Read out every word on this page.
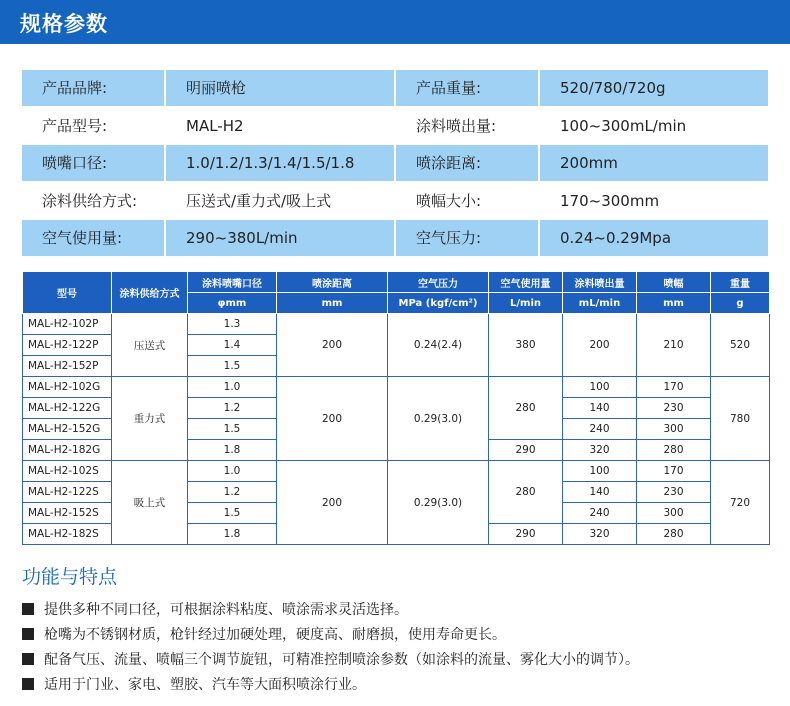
规格参数
产品品牌:	明丽喷枪	产品重量:	520/780/720g
产品型号:	MAL-H2	涂料喷出量:	100~300mL/min
喷嘴口径:	1.0/1.2/1.3/1.4/1.5/1.8	喷涂距离:	200mm
涂料供给方式:	压送式/重力式/吸上式	喷幅大小:	170~300mm
空气使用量:	290~380L/min	空气压力:	0.24~0.29Mpa
型号	涂料供给方式	涂料喷嘴口径	喷涂距离	空气压力	空气使用量	涂料喷出量	喷幅	重量
		φmm	mm	MPa (kgf/cm²)	L/min	mL/min	mm	g
MAL-H2-102P	压送式	1.3	200	0.24(2.4)	380	200	210	520
MAL-H2-122P		1.4						
MAL-H2-152P		1.5						
MAL-H2-102G	重力式	1.0	200	0.29(3.0)	280	100	170	780
MAL-H2-122G		1.2				140	230	
MAL-H2-152G		1.5				240	300	
MAL-H2-182G		1.8			290	320	280	
MAL-H2-102S	吸上式	1.0	200	0.29(3.0)	280	100	170	720
MAL-H2-122S		1.2				140	230	
MAL-H2-152S		1.5				240	300	
MAL-H2-182S		1.8			290	320	280	
功能与特点
提供多种不同口径，可根据涂料粘度、喷涂需求灵活选择。
枪嘴为不锈钢材质，枪针经过加硬处理，硬度高、耐磨损，使用寿命更长。
配备气压、流量、喷幅三个调节旋钮，可精准控制喷涂参数（如涂料的流量、雾化大小的调节）。
适用于门业、家电、塑胶、汽车等大面积喷涂行业。
